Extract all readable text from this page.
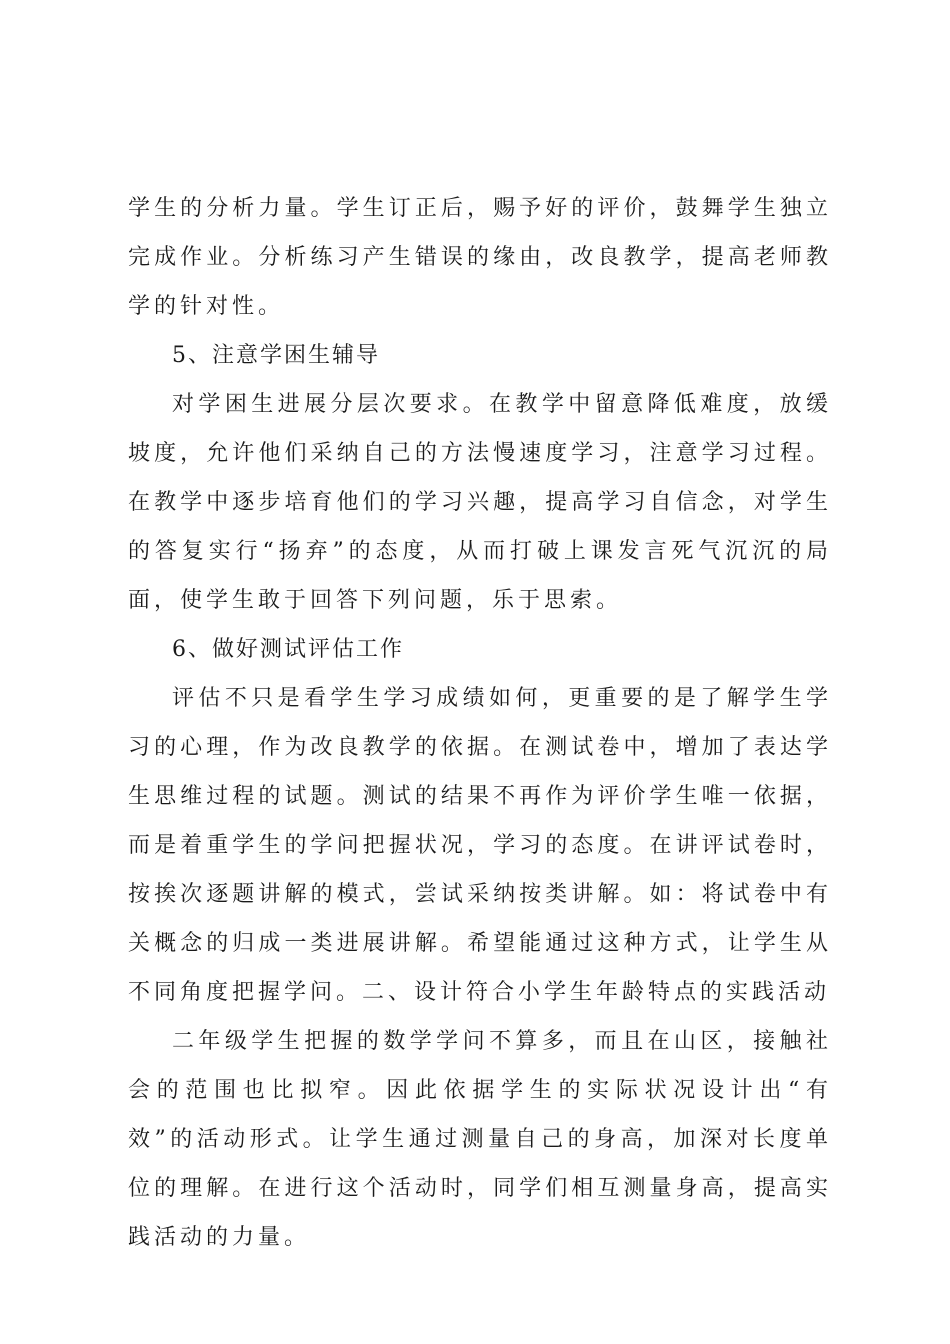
学生的分析力量。学生订正后，赐予好的评价，鼓舞学生独立完成作业。分析练习产生错误的缘由，改良教学，提高老师教学的针对性。

5、注意学困生辅导

对学困生进展分层次要求。在教学中留意降低难度，放缓坡度，允许他们采纳自己的方法慢速度学习，注意学习过程。在教学中逐步培育他们的学习兴趣，提高学习自信念，对学生的答复实行“扬弃”的态度，从而打破上课发言死气沉沉的局面，使学生敢于回答下列问题，乐于思索。

6、做好测试评估工作

评估不只是看学生学习成绩如何，更重要的是了解学生学习的心理，作为改良教学的依据。在测试卷中，增加了表达学生思维过程的试题。测试的结果不再作为评价学生唯一依据，而是着重学生的学问把握状况，学习的态度。在讲评试卷时，按挨次逐题讲解的模式，尝试采纳按类讲解。如：将试卷中有关概念的归成一类进展讲解。希望能通过这种方式，让学生从不同角度把握学问。二、设计符合小学生年龄特点的实践活动

二年级学生把握的数学学问不算多，而且在山区，接触社会的范围也比拟窄。因此依据学生的实际状况设计出“有效”的活动形式。让学生通过测量自己的身高，加深对长度单位的理解。在进行这个活动时，同学们相互测量身高，提高实践活动的力量。
